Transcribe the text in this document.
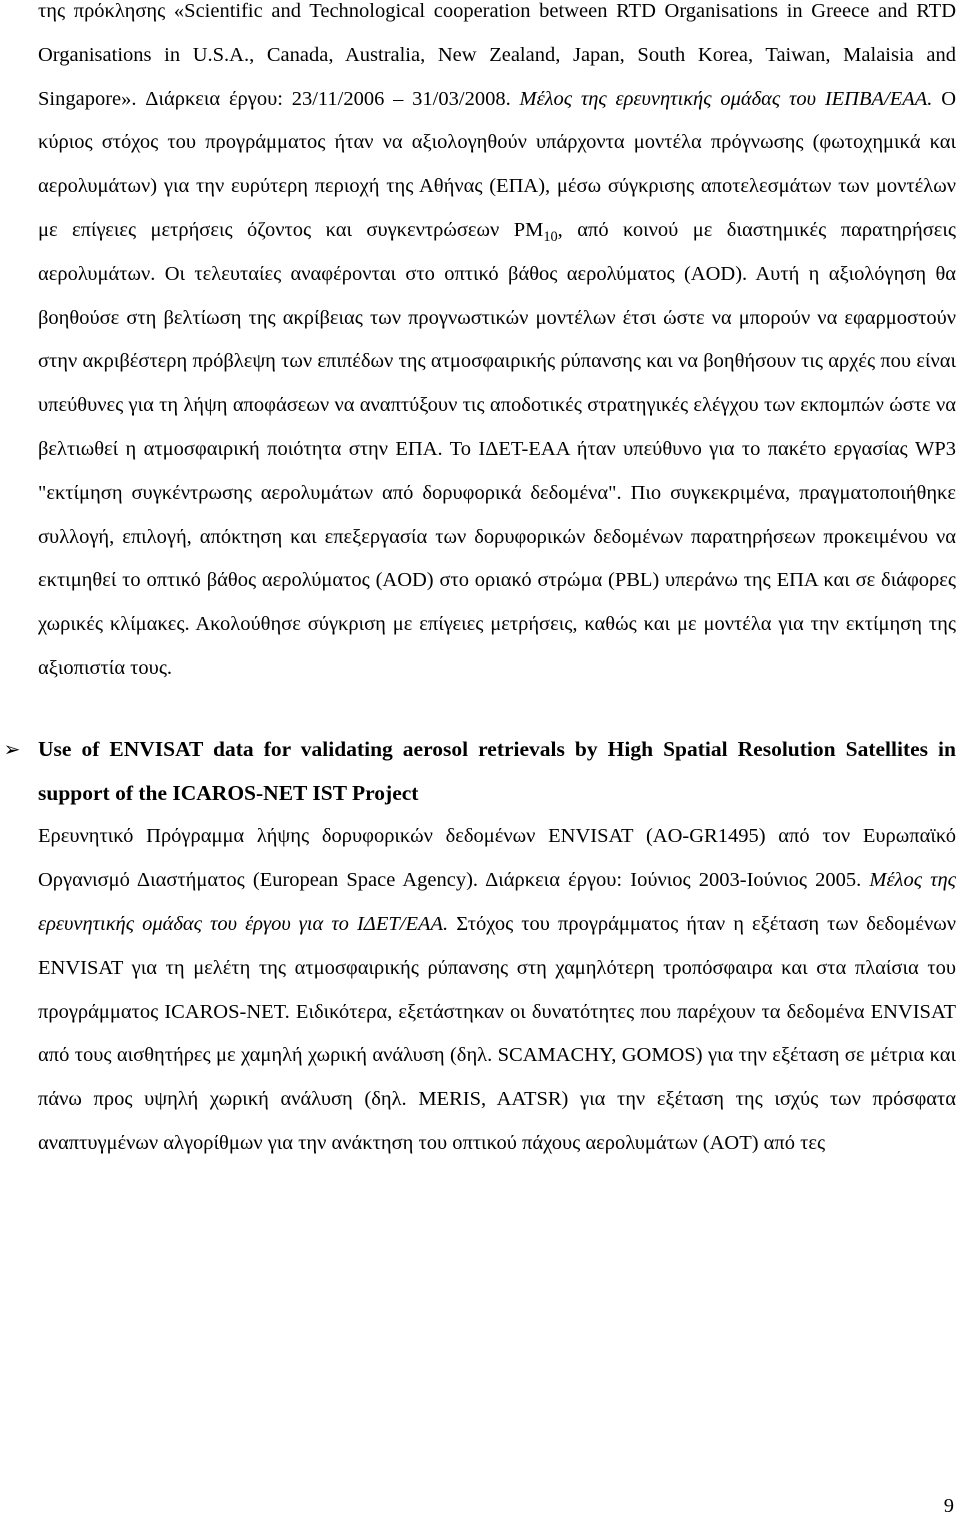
της πρόκλησης «Scientific and Technological cooperation between RTD Organisations in Greece and RTD Organisations in U.S.A., Canada, Australia, New Zealand, Japan, South Korea, Taiwan, Malaisia and Singapore». Διάρκεια έργου: 23/11/2006 – 31/03/2008. Μέλος της ερευνητικής ομάδας του ΙΕΠΒΑ/ΕΑΑ. Ο κύριος στόχος του προγράμματος ήταν να αξιολογηθούν υπάρχοντα μοντέλα πρόγνωσης (φωτοχημικά και αερολυμάτων) για την ευρύτερη περιοχή της Αθήνας (ΕΠΑ), μέσω σύγκρισης αποτελεσμάτων των μοντέλων με επίγειες μετρήσεις όζοντος και συγκεντρώσεων $PM_{10}$, από κοινού με διαστημικές παρατηρήσεις αερολυμάτων. Οι τελευταίες αναφέρονται στο οπτικό βάθος αερολύματος (AOD). Αυτή η αξιολόγηση θα βοηθούσε στη βελτίωση της ακρίβειας των προγνωστικών μοντέλων έτσι ώστε να μπορούν να εφαρμοστούν στην ακριβέστερη πρόβλεψη των επιπέδων της ατμοσφαιρικής ρύπανσης και να βοηθήσουν τις αρχές που είναι υπεύθυνες για τη λήψη αποφάσεων να αναπτύξουν τις αποδοτικές στρατηγικές ελέγχου των εκπομπών ώστε να βελτιωθεί η ατμοσφαιρική ποιότητα στην ΕΠΑ. Το ΙΔΕΤ-ΕΑΑ ήταν υπεύθυνο για το πακέτο εργασίας WP3 "εκτίμηση συγκέντρωσης αερολυμάτων από δορυφορικά δεδομένα". Πιο συγκεκριμένα, πραγματοποιήθηκε συλλογή, επιλογή, απόκτηση και επεξεργασία των δορυφορικών δεδομένων παρατηρήσεων προκειμένου να εκτιμηθεί το οπτικό βάθος αερολύματος (AOD) στο οριακό στρώμα (PBL) υπεράνω της ΕΠΑ και σε διάφορες χωρικές κλίμακες. Ακολούθησε σύγκριση με επίγειες μετρήσεις, καθώς και με μοντέλα για την εκτίμηση της αξιοπιστία τους.

➢ Use of ENVISAT data for validating aerosol retrievals by High Spatial Resolution Satellites in support of the ICAROS-NET IST Project

Ερευνητικό Πρόγραμμα λήψης δορυφορικών δεδομένων ENVISAT (AO-GR1495) από τον Ευρωπαϊκό Οργανισμό Διαστήματος (European Space Agency). Διάρκεια έργου: Ιούνιος 2003-Ιούνιος 2005. Μέλος της ερευνητικής ομάδας του έργου για το ΙΔΕΤ/ΕΑΑ. Στόχος του προγράμματος ήταν η εξέταση των δεδομένων ENVISAT για τη μελέτη της ατμοσφαιρικής ρύπανσης στη χαμηλότερη τροπόσφαιρα και στα πλαίσια του προγράμματος ICAROS-NET. Ειδικότερα, εξετάστηκαν οι δυνατότητες που παρέχουν τα δεδομένα ENVISAT από τους αισθητήρες με χαμηλή χωρική ανάλυση (δηλ. SCAMACHY, GOMOS) για την εξέταση σε μέτρια και πάνω προς υψηλή χωρική ανάλυση (δηλ. MERIS, AATSR) για την εξέταση της ισχύς των πρόσφατα αναπτυγμένων αλγορίθμων για την ανάκτηση του οπτικού πάχους αερολυμάτων (AOT) από τες

9
